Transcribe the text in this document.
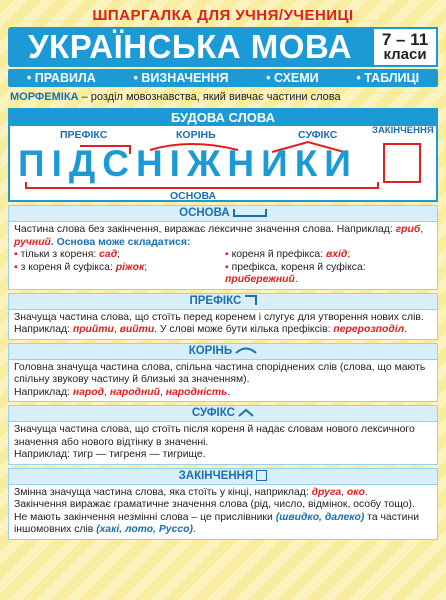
ШПАРГАЛКА ДЛЯ УЧНЯ/УЧЕНИЦІ
УКРАЇНСЬКА МОВА	7 – 11
класи
• ПРАВИЛА	• ВИЗНАЧЕННЯ	• СХЕМИ	• ТАБЛИЦІ
МОРФЕМІКА – розділ мовознавства, який вивчає частини слова
БУДОВА СЛОВА
ПРЕФІКС	КОРІНЬ	СУФІКС	ЗАКІНЧЕННЯ
ПІДСНІЖНИКИ
ОСНОВА
ОСНОВА
Частина слова без закінчення, виражає лексичне значення слова. Наприклад: гриб, ручний. Основа може складатися:
▪ тільки з кореня: сад;	▪ кореня й префікса: вхід;
▪ з кореня й суфікса: ріжок;	▪ префікса, кореня й суфікса: прибережний.
ПРЕФІКС
Значуща частина слова, що стоїть перед коренем і слугує для утворення нових слів.
Наприклад: прийти, вийти. У слові може бути кілька префіксів: перерозподіл.
КОРІНЬ
Головна значуща частина слова, спільна частина споріднених слів (слова, що мають спільну звукову частину й близькі за значенням).
Наприклад: народ, народний, народність.
СУФІКС
Значуща частина слова, що стоїть після кореня й надає словам нового лексичного значення або нового відтінку в значенні.
Наприклад: тигр — тигреня — тигрище.
ЗАКІНЧЕННЯ
Змінна значуща частина слова, яка стоїть у кінці, наприклад: друга, око.
Закінчення виражає граматичне значення слова (рід, число, відмінок, особу тощо).
Не мають закінчення незмінні слова – це прислівники (швидко, далеко) та частини іншомовних слів (хакі, лото, Руссо).
